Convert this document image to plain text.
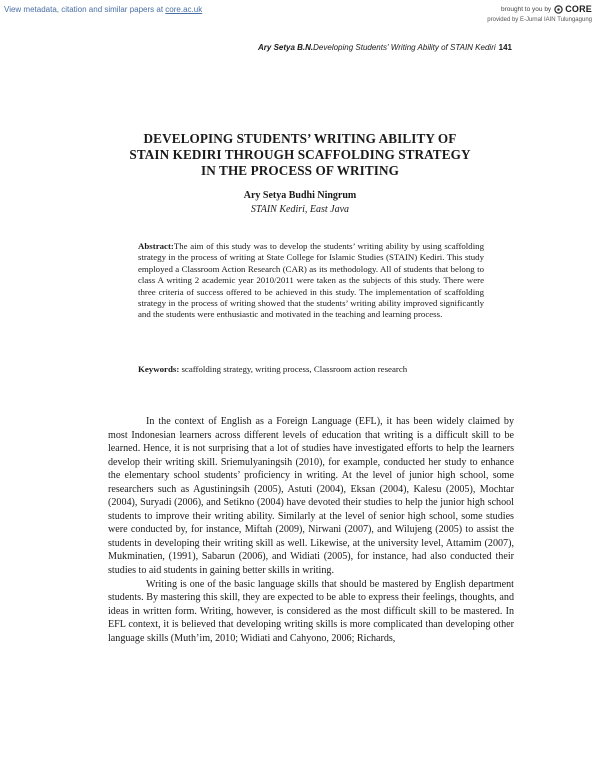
View metadata, citation and similar papers at core.ac.uk	brought to you by CORE
provided by E-Jurnal IAIN Tulungagung
Ary Setya B.N.Developing Students' Writing Ability of STAIN Kediri 141
DEVELOPING STUDENTS’ WRITING ABILITY OF
STAIN KEDIRI THROUGH SCAFFOLDING STRATEGY
IN THE PROCESS OF WRITING
Ary Setya Budhi Ningrum
STAIN Kediri, East Java
Abstract:The aim of this study was to develop the students’ writing ability by using scaffolding strategy in the process of writing at State College for Islamic Studies (STAIN) Kediri. This study employed a Classroom Action Research (CAR) as its methodology. All of students that belong to class A writing 2 academic year 2010/2011 were taken as the subjects of this study. There were three criteria of success offered to be achieved in this study. The implementation of scaffolding strategy in the process of writing showed that the students’ writing ability improved significantly and the students were enthusiastic and motivated in the teaching and learning process.
Keywords: scaffolding strategy, writing process, Classroom action research

In the context of English as a Foreign Language (EFL), it has been widely claimed by most Indonesian learners across different levels of education that writing is a difficult skill to be learned. Hence, it is not surprising that a lot of studies have investigated efforts to help the learners develop their writing skill. Sriemulyaningsih (2010), for example, conducted her study to enhance the elementary school students’ proficiency in writing. At the level of junior high school, some researchers such as Agustiningsih (2005), Astuti (2004), Eksan (2004), Kalesu (2005), Mochtar (2004), Suryadi (2006), and Setikno (2004) have devoted their studies to help the junior high school students to improve their writing ability. Similarly at the level of senior high school, some studies were conducted by, for instance, Miftah (2009), Nirwani (2007), and Wilujeng (2005) to assist the students in developing their writing skill as well. Likewise, at the university level, Attamim (2007), Mukminatien, (1991), Sabarun (2006), and Widiati (2005), for instance, had also conducted their studies to aid students in gaining better skills in writing.

Writing is one of the basic language skills that should be mastered by English department students. By mastering this skill, they are expected to be able to express their feelings, thoughts, and ideas in written form. Writing, however, is considered as the most difficult skill to be mastered. In EFL context, it is believed that developing writing skills is more complicated than developing other language skills (Muth’im, 2010; Widiati and Cahyono, 2006; Richards,
